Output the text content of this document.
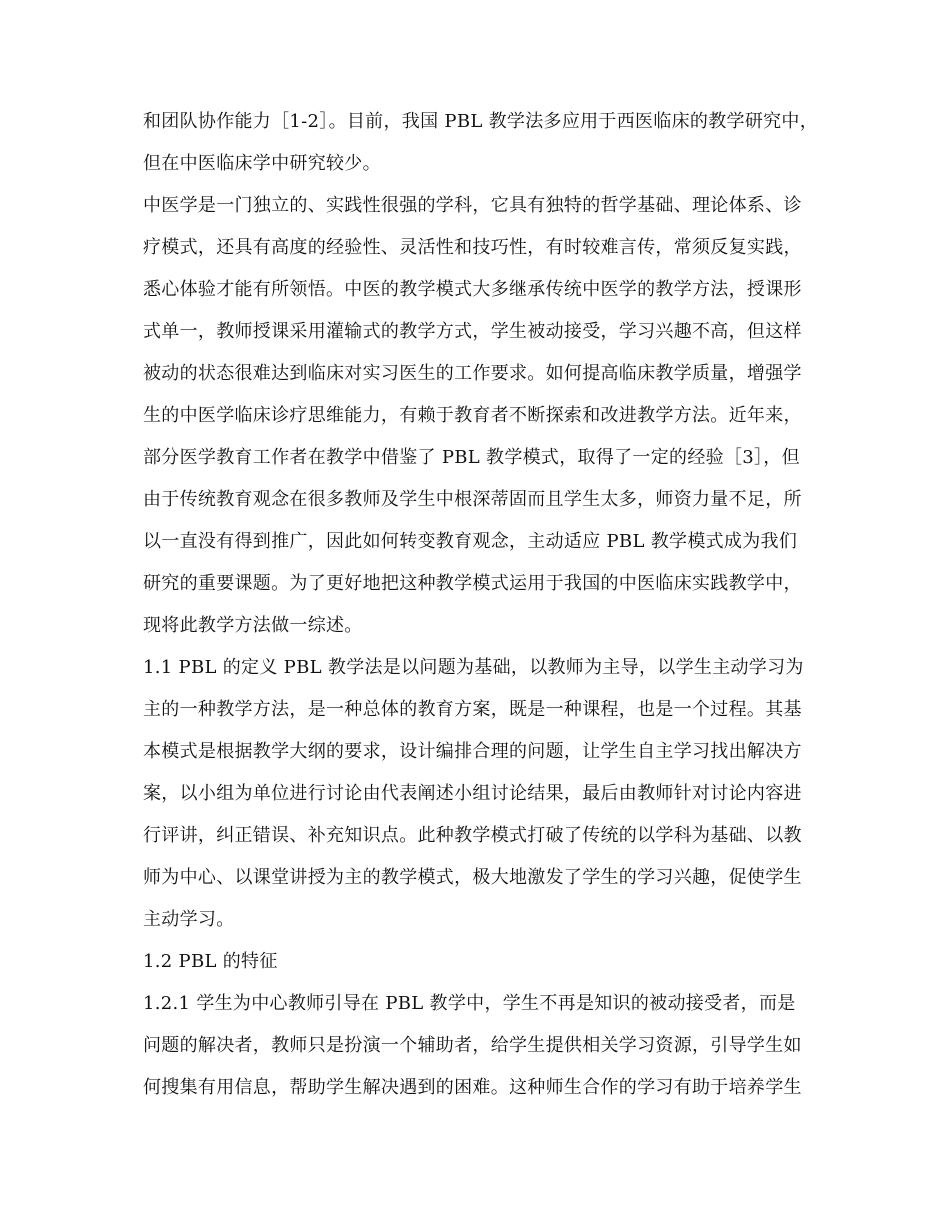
和团队协作能力［1-2］。目前，我国 PBL 教学法多应用于西医临床的教学研究中，
但在中医临床学中研究较少。
中医学是一门独立的、实践性很强的学科，它具有独特的哲学基础、理论体系、诊
疗模式，还具有高度的经验性、灵活性和技巧性，有时较难言传，常须反复实践，
悉心体验才能有所领悟。中医的教学模式大多继承传统中医学的教学方法，授课形
式单一，教师授课采用灌输式的教学方式，学生被动接受，学习兴趣不高，但这样
被动的状态很难达到临床对实习医生的工作要求。如何提高临床教学质量，增强学
生的中医学临床诊疗思维能力，有赖于教育者不断探索和改进教学方法。近年来，
部分医学教育工作者在教学中借鉴了 PBL 教学模式，取得了一定的经验［3］，但
由于传统教育观念在很多教师及学生中根深蒂固而且学生太多，师资力量不足，所
以一直没有得到推广，因此如何转变教育观念，主动适应 PBL 教学模式成为我们
研究的重要课题。为了更好地把这种教学模式运用于我国的中医临床实践教学中，
现将此教学方法做一综述。
1.1 PBL 的定义 PBL 教学法是以问题为基础，以教师为主导，以学生主动学习为
主的一种教学方法，是一种总体的教育方案，既是一种课程，也是一个过程。其基
本模式是根据教学大纲的要求，设计编排合理的问题，让学生自主学习找出解决方
案，以小组为单位进行讨论由代表阐述小组讨论结果，最后由教师针对讨论内容进
行评讲，纠正错误、补充知识点。此种教学模式打破了传统的以学科为基础、以教
师为中心、以课堂讲授为主的教学模式，极大地激发了学生的学习兴趣，促使学生
主动学习。
1.2 PBL 的特征
1.2.1 学生为中心教师引导在 PBL 教学中，学生不再是知识的被动接受者，而是
问题的解决者，教师只是扮演一个辅助者，给学生提供相关学习资源，引导学生如
何搜集有用信息，帮助学生解决遇到的困难。这种师生合作的学习有助于培养学生
